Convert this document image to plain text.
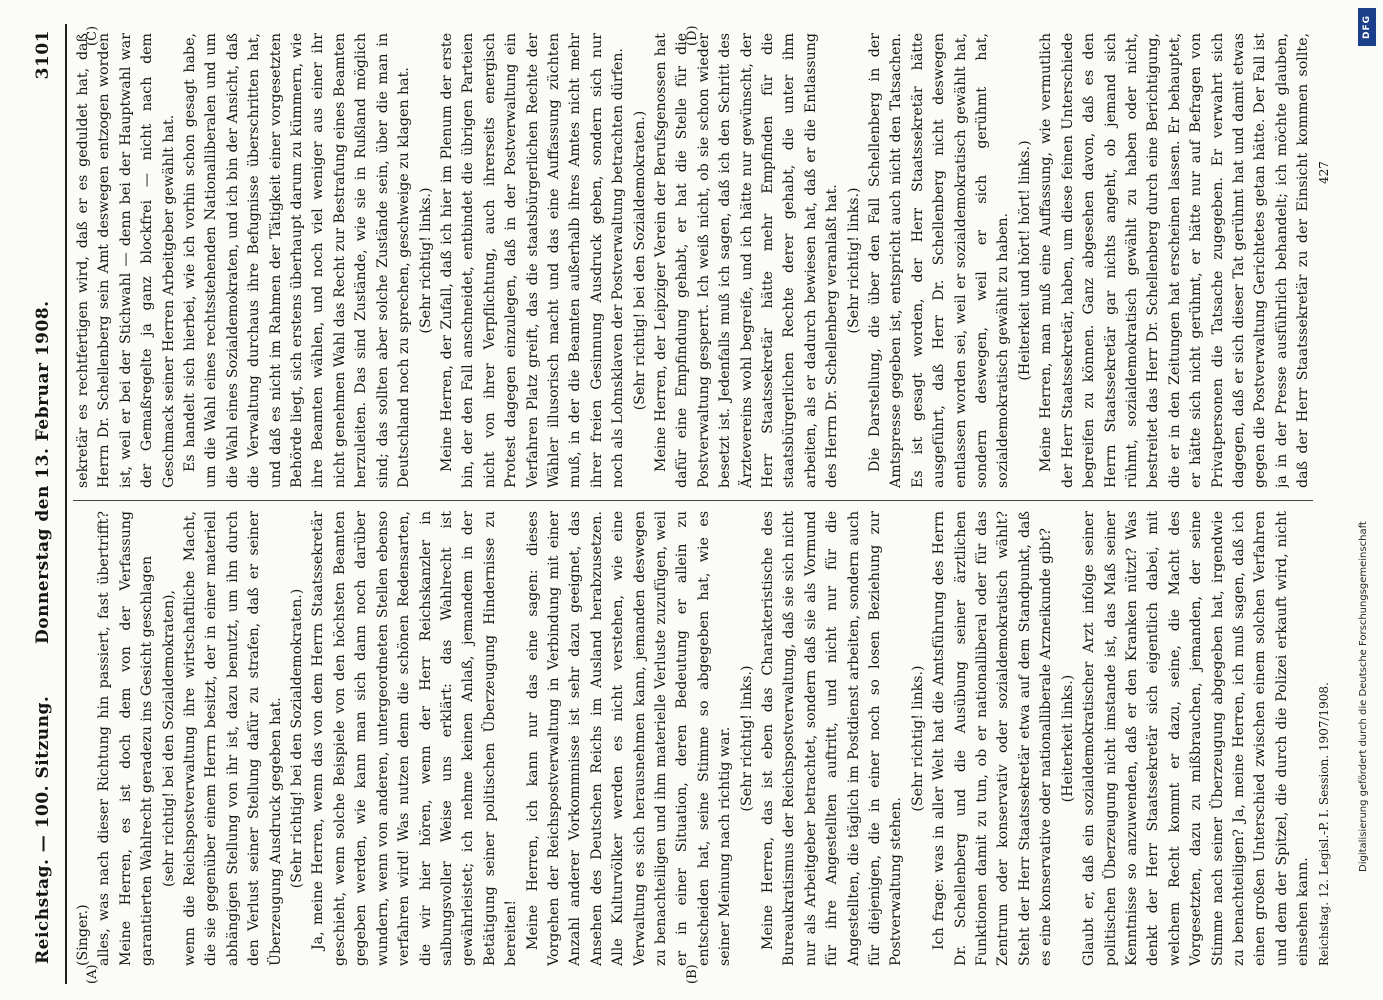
Reichstag. — 100. Sitzung.
Donnerstag den 13. Februar 1908.
3101

(Singer.) alles, was nach dieser Richtung hin passiert, fast übertrifft? Meine Herren, es ist doch dem von der Verfassung garantierten Wahlrecht geradezu ins Gesicht geschlagen (sehr richtig! bei den Sozialdemokraten), wenn die Reichspostverwaltung ihre wirtschaftliche Macht, die sie gegenüber einem Herrn besitzt, der in einer materiell abhängigen Stellung von ihr ist, dazu benutzt, um ihn durch den Verlust seiner Stellung dafür zu strafen, daß er seiner Überzeugung Ausdruck gegeben hat. (Sehr richtig! bei den Sozialdemokraten.) Ja, meine Herren, wenn das von dem Herrn Staatssekretär geschieht, wenn solche Beispiele von den höchsten Beamten gegeben werden, wie kann man sich dann noch darüber wundern, wenn von anderen, untergeordneten Stellen ebenso verfahren wird! Was nutzen denn die schönen Redensarten, die wir hier hören, wenn der Herr Reichskanzler in salbungsvoller Weise uns erklärt: das Wahlrecht ist gewährleistet; ich nehme keinen Anlaß, jemandem in der Betätigung seiner politischen Überzeugung Hindernisse zu bereiten! Meine Herren, ich kann nur das eine sagen: dieses Vorgehen der Reichspostverwaltung in Verbindung mit einer Anzahl anderer Vorkommnisse ist sehr dazu geeignet, das Ansehen des Deutschen Reichs im Ausland herabzusetzen. Alle Kulturvölker werden es nicht verstehen, wie eine Verwaltung es sich herausnehmen kann, jemanden deswegen zu benachteiligen und ihm materielle Verluste zuzufügen, weil er in einer Situation, deren Bedeutung er allein zu entscheiden hat, seine Stimme so abgegeben hat, wie es seiner Meinung nach richtig war. (Sehr richtig! links.) Meine Herren, das ist eben das Charakteristische des Bureaukratismus der Reichspostverwaltung, daß sie sich nicht nur als Arbeitgeber betrachtet, sondern daß sie als Vormund für ihre Angestellten auftritt, und nicht nur für die Angestellten, die täglich im Postdienst arbeiten, sondern auch für diejenigen, die in einer noch so losen Beziehung zur Postverwaltung stehen.

(Sehr richtig! links.) Ich frage: was in aller Welt hat die Amtsführung des Herrn Dr. Schellenberg und die Ausübung seiner ärztlichen Funktionen damit zu tun, ob er nationalliberal oder für das Zentrum oder konservativ oder sozialdemokratisch wählt? Steht der Herr Staatssekretär etwa auf dem Standpunkt, daß es eine konservative oder nationalliberale Arzneikunde gibt? (Heiterkeit links.) Glaubt er, daß ein sozialdemokratischer Arzt infolge seiner politischen Überzeugung nicht imstande ist, das Maß seiner Kenntnisse so anzuwenden, daß er den Kranken nützt? Was denkt der Herr Staatssekretär sich eigentlich dabei, mit welchem Recht kommt er dazu, seine, die Macht des Vorgesetzten, dazu zu mißbrauchen, jemanden, der seine Stimme nach seiner Überzeugung abgegeben hat, irgendwie zu benachteiligen? Ja, meine Herren, ich muß sagen, daß ich einen großen Unterschied zwischen einem solchen Verfahren und dem der Spitzel, die durch die Polizei erkauft wird, nicht einsehen kann.

sekretär es rechtfertigen wird, daß er es geduldet hat, daß Herrn Dr. Schellenberg sein Amt deswegen entzogen worden ist, weil er bei der Stichwahl — denn bei der Hauptwahl war der Gemaßregelte ja ganz blockfrei — nicht nach dem Geschmack seiner Herren Arbeitgeber gewählt hat. Es handelt sich hierbei, wie ich vorhin schon gesagt habe, um die Wahl eines rechtsstehenden Nationalliberalen und um die Wahl eines Sozialdemokraten, und ich bin der Ansicht, daß die Verwaltung durchaus ihre Befugnisse überschritten hat, und daß es nicht im Rahmen der Tätigkeit einer vorgesetzten Behörde liegt, sich erstens überhaupt darum zu kümmern, wie ihre Beamten wählen, und noch viel weniger aus einer ihr nicht genehmen Wahl das Recht zur Bestrafung eines Beamten herzuleiten. Das sind Zustände, wie sie in Rußland möglich sind; das sollten aber solche Zustände sein, über die man in Deutschland noch zu sprechen, geschweige zu klagen hat. (Sehr richtig! links.) Meine Herren, der Zufall, daß ich hier im Plenum der erste bin, der den Fall anschneidet, entbindet die übrigen Parteien nicht von ihrer Verpflichtung, auch ihrerseits energisch Protest dagegen einzulegen, daß in der Postverwaltung ein Verfahren Platz greift, das die staatsbürgerlichen Rechte der Wähler illusorisch macht und das eine Auffassung züchten muß, in der die Beamten außerhalb ihres Amtes nicht mehr ihrer freien Gesinnung Ausdruck geben, sondern sich nur noch als Lohnsklaven der Postverwaltung betrachten dürfen. (Sehr richtig! bei den Sozialdemokraten.) Meine Herren, der Leipziger Verein der Berufsgenossen hat dafür eine Empfindung gehabt, er hat die Stelle für die Postverwaltung gesperrt. Ich weiß nicht, ob sie schon wieder besetzt ist. Jedenfalls muß ich sagen, daß ich den Schritt des Ärztevereins wohl begreife, und ich hätte nur gewünscht, der Herr Staatssekretär hätte mehr Empfinden für die staatsbürgerlichen Rechte derer gehabt, die unter ihm arbeiten, als er dadurch bewiesen hat, daß er die Entlassung des Herrn Dr. Schellenberg veranlaßt hat. (Sehr richtig! links.) Die Darstellung, die über den Fall Schellenberg in der Amtspresse gegeben ist, entspricht auch nicht den Tatsachen. Es ist gesagt worden, der Herr Staatssekretär hätte ausgeführt, daß Herr Dr. Schellenberg nicht deswegen entlassen worden sei, weil er sozialdemokratisch gewählt hat, sondern deswegen, weil er sich gerühmt hat, sozialdemokratisch gewählt zu haben. (Heiterkeit und hört! hört! links.)

Meine Herren, man muß eine Auffassung, wie vermutlich der Herr Staatssekretär, haben, um diese feinen Unterschiede begreifen zu können. Ganz abgesehen davon, daß es den Herrn Staatssekretär gar nichts angeht, ob jemand sich rühmt, sozialdemokratisch gewählt zu haben oder nicht, bestreitet das Herr Dr. Schellenberg durch eine Berichtigung, die er in den Zeitungen hat erscheinen lassen. Er behauptet, er hätte sich nicht gerühmt, er hätte nur auf Befragen von Privatpersonen die Tatsache zugegeben. Er verwahrt sich dagegen, daß er sich dieser Tat gerühmt hat und damit etwas gegen die Postverwaltung Gerichtetes getan hätte. Der Fall ist ja in der Presse ausführlich behandelt; ich möchte glauben, daß der Herr Staatssekretär zu der Einsicht kommen sollte,

(A)	(B)
(C)	(D)
Reichstag. 12. Legisl.-P. I. Session. 1907/1908.
427
DFG
Digitalisierung gefördert durch die Deutsche Forschungsgemeinschaft
